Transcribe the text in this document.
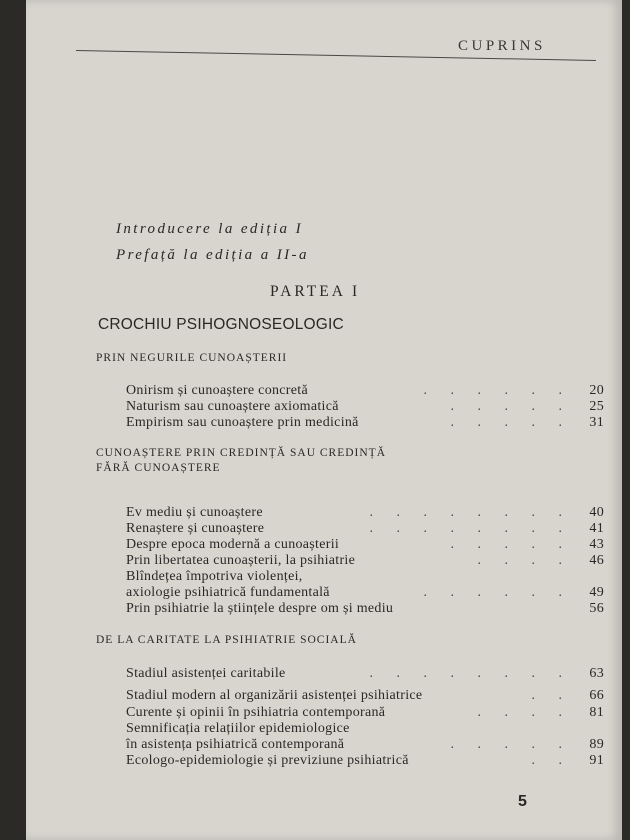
CUPRINS
Introducere la ediția I
Prefață la ediția a II-a
PARTEA I
CROCHIU PSIHOGNOSEOLOGIC
PRIN NEGURILE CUNOAȘTERII
Onirism și cunoaștere concretă	. . . . . .	20
Naturism sau cunoaștere axiomatică	. . . . .	25
Empirism sau cunoaștere prin medicină	. . . . .	31
CUNOAȘTERE PRIN CREDINȚĂ SAU CREDINȚĂ
FĂRĂ CUNOAȘTERE
Ev mediu și cunoaștere	. . . . . . . .	40
Renaștere și cunoaștere	. . . . . . . .	41
Despre epoca modernă a cunoașterii	. . . . .	43
Prin libertatea cunoașterii, la psihiatrie	. . . .	46
Blîndețea împotriva violenței,
axiologie psihiatrică fundamentală	. . . . . .	49
Prin psihiatrie la științele despre om și mediu	56
DE LA CARITATE LA PSIHIATRIE SOCIALĂ
Stadiul asistenței caritabile	. . . . . . . .	63
Stadiul modern al organizării asistenței psihiatrice	. .	66
Curente și opinii în psihiatria contemporană	. . . .	81
Semnificația relațiilor epidemiologice
în asistența psihiatrică contemporană	. . . . .	89
Ecologo-epidemiologie și previziune psihiatrică	. .	91
5
